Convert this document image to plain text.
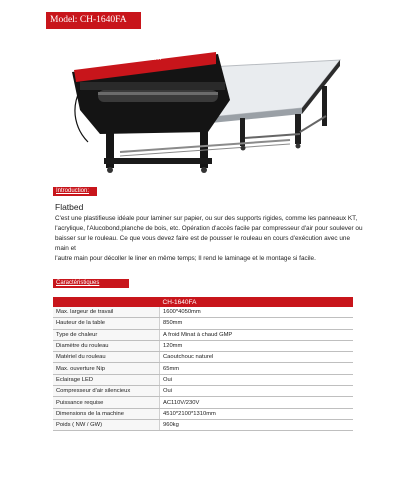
Model: CH-1640FA
CH-1640FA
Introduction:
Flatbed
C'est une plastifieuse idéale pour laminer sur papier, ou sur des supports rigides, comme les panneaux KT, l'acrylique, l'Alucobond,planche de bois, etc. Opération d'accès facile par compresseur d'air pour soulever ou baisser sur le rouleau. Ce que vous devez faire est de pousser le rouleau en cours d'exécution avec une main et
l'autre main pour décoller le liner en même temps; Il rend le laminage et le montage si facile.
Caractéristiques techniques
	CH-1640FA
Max. largeur de travail	1600*4050mm
Hauteur de la table	850mm
Type de chaleur	A froid Minat à chaud GMP
Diamètre du rouleau	120mm
Matériel du rouleau	Caoutchouc naturel
Max. ouverture Nip	65mm
Eclairage LED	Oui
Compresseur d'air silencieux	Oui
Puissance requise	AC110V/230V
Dimensions de la machine	4510*2100*1310mm
Poids ( NW / GW)	960kg
